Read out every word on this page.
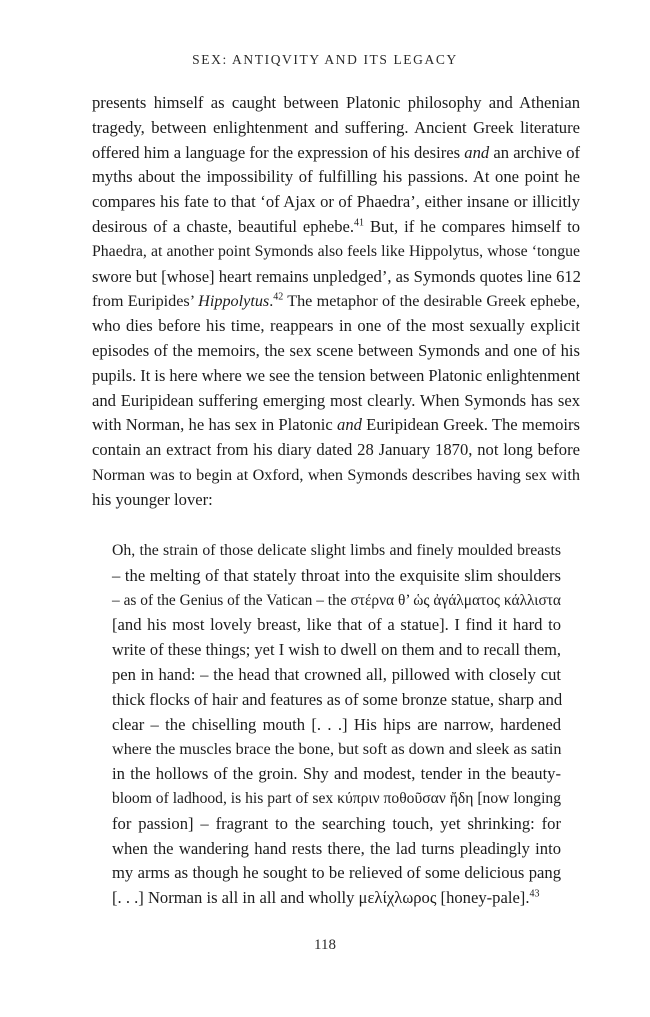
SEX: ANTIQVITY AND ITS LEGACY
presents himself as caught between Platonic philosophy and Athenian
tragedy, between enlightenment and suffering. Ancient Greek literature
offered him a language for the expression of his desires and an archive of
myths about the impossibility of fulfilling his passions. At one point he
compares his fate to that ‘of Ajax or of Phaedra’, either insane or illicitly
desirous of a chaste, beautiful ephebe.$^{41}$ But, if he compares himself to
Phaedra, at another point Symonds also feels like Hippolytus, whose ‘tongue
swore but [whose] heart remains unpledged’, as Symonds quotes line 612
from Euripides’ Hippolytus.$^{42}$ The metaphor of the desirable Greek ephebe,
who dies before his time, reappears in one of the most sexually explicit
episodes of the memoirs, the sex scene between Symonds and one of his
pupils. It is here where we see the tension between Platonic enlightenment
and Euripidean suffering emerging most clearly. When Symonds has sex
with Norman, he has sex in Platonic and Euripidean Greek. The memoirs
contain an extract from his diary dated 28 January 1870, not long before
Norman was to begin at Oxford, when Symonds describes having sex with
his younger lover:
Oh, the strain of those delicate slight limbs and finely moulded breasts
– the melting of that stately throat into the exquisite slim shoulders
– as of the Genius of the Vatican – the στέρνα θ’ ὡς ἀγάλματος κάλλιστα
[and his most lovely breast, like that of a statue]. I find it hard to
write of these things; yet I wish to dwell on them and to recall them,
pen in hand: – the head that crowned all, pillowed with closely cut
thick flocks of hair and features as of some bronze statue, sharp and
clear – the chiselling mouth [. . .] His hips are narrow, hardened
where the muscles brace the bone, but soft as down and sleek as satin
in the hollows of the groin. Shy and modest, tender in the beauty-
bloom of ladhood, is his part of sex κύπριν ποθοῦσαν ἤδη [now longing
for passion] – fragrant to the searching touch, yet shrinking: for
when the wandering hand rests there, the lad turns pleadingly into
my arms as though he sought to be relieved of some delicious pang
[. . .] Norman is all in all and wholly μελίχλωρος [honey-pale].$^{43}$
118
